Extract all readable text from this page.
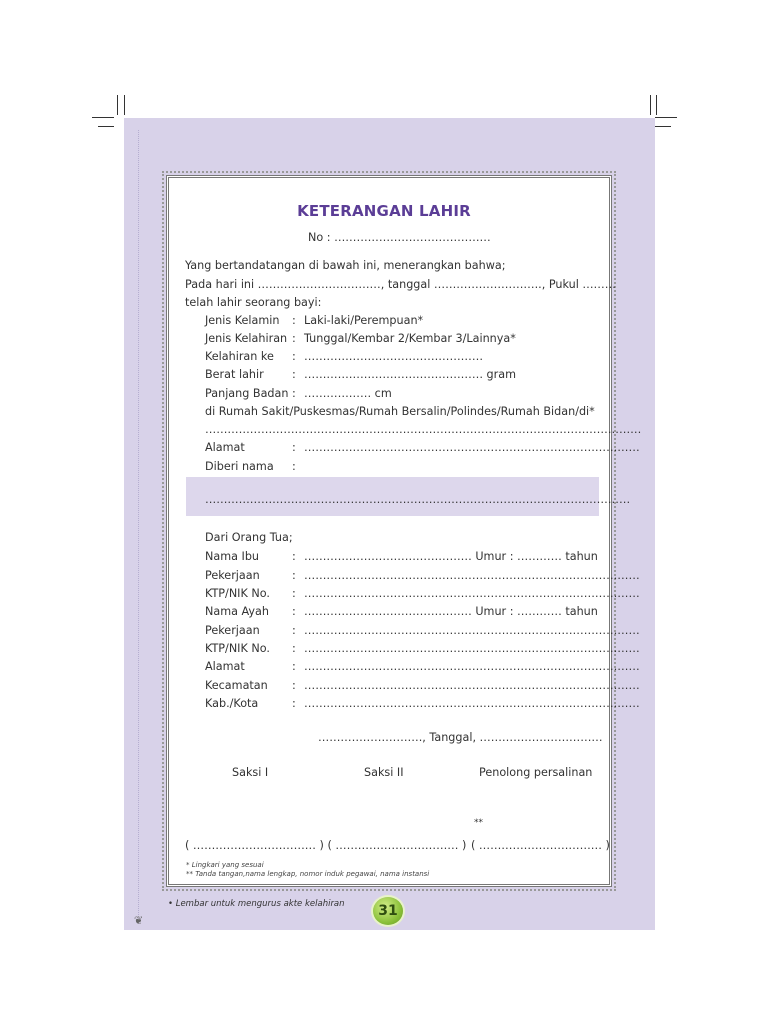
KETERANGAN LAHIR
No : ……………………………………
Yang bertandatangan di bawah ini, menerangkan bahwa;
Pada hari ini ……………………………, tanggal ……………………….., Pukul ………
telah lahir seorang bayi:
Jenis Kelamin : Laki-laki/Perempuan*
Jenis Kelahiran : Tunggal/Kembar 2/Kembar 3/Lainnya*
Kelahiran ke : …………………………………………
Berat lahir	: ………………………………………… gram
Panjang Badan : ……………… cm
di Rumah Sakit/Puskesmas/Rumah Bersalin/Polindes/Rumah Bidan/di*
………………………………………………………………………………………………………
Alamat	: ………………………………………………………………………………
Diberi nama :
……………………………………………………………………………………………………
Dari Orang Tua;
Nama Ibu	: ……………………………………… Umur : ………… tahun
Pekerjaan	: ………………………………………………………………………………
KTP/NIK No. : ………………………………………………………………………………
Nama Ayah : ……………………………………… Umur : ………… tahun
Pekerjaan	: ………………………………………………………………………………
KTP/NIK No. : ………………………………………………………………………………
Alamat	: ………………………………………………………………………………
Kecamatan : ………………………………………………………………………………
Kab./Kota	: ………………………………………………………………………………
………………………., Tanggal, ……………………………
Saksi I	Saksi II	Penolong persalinan
**
( …………………………… ) ( …………………………… ) ( …………………………… )
* Lingkari yang sesuai
** Tanda tangan,nama lengkap, nomor induk pegawai, nama instansi
• Lembar untuk mengurus akte kelahiran	31
❦
